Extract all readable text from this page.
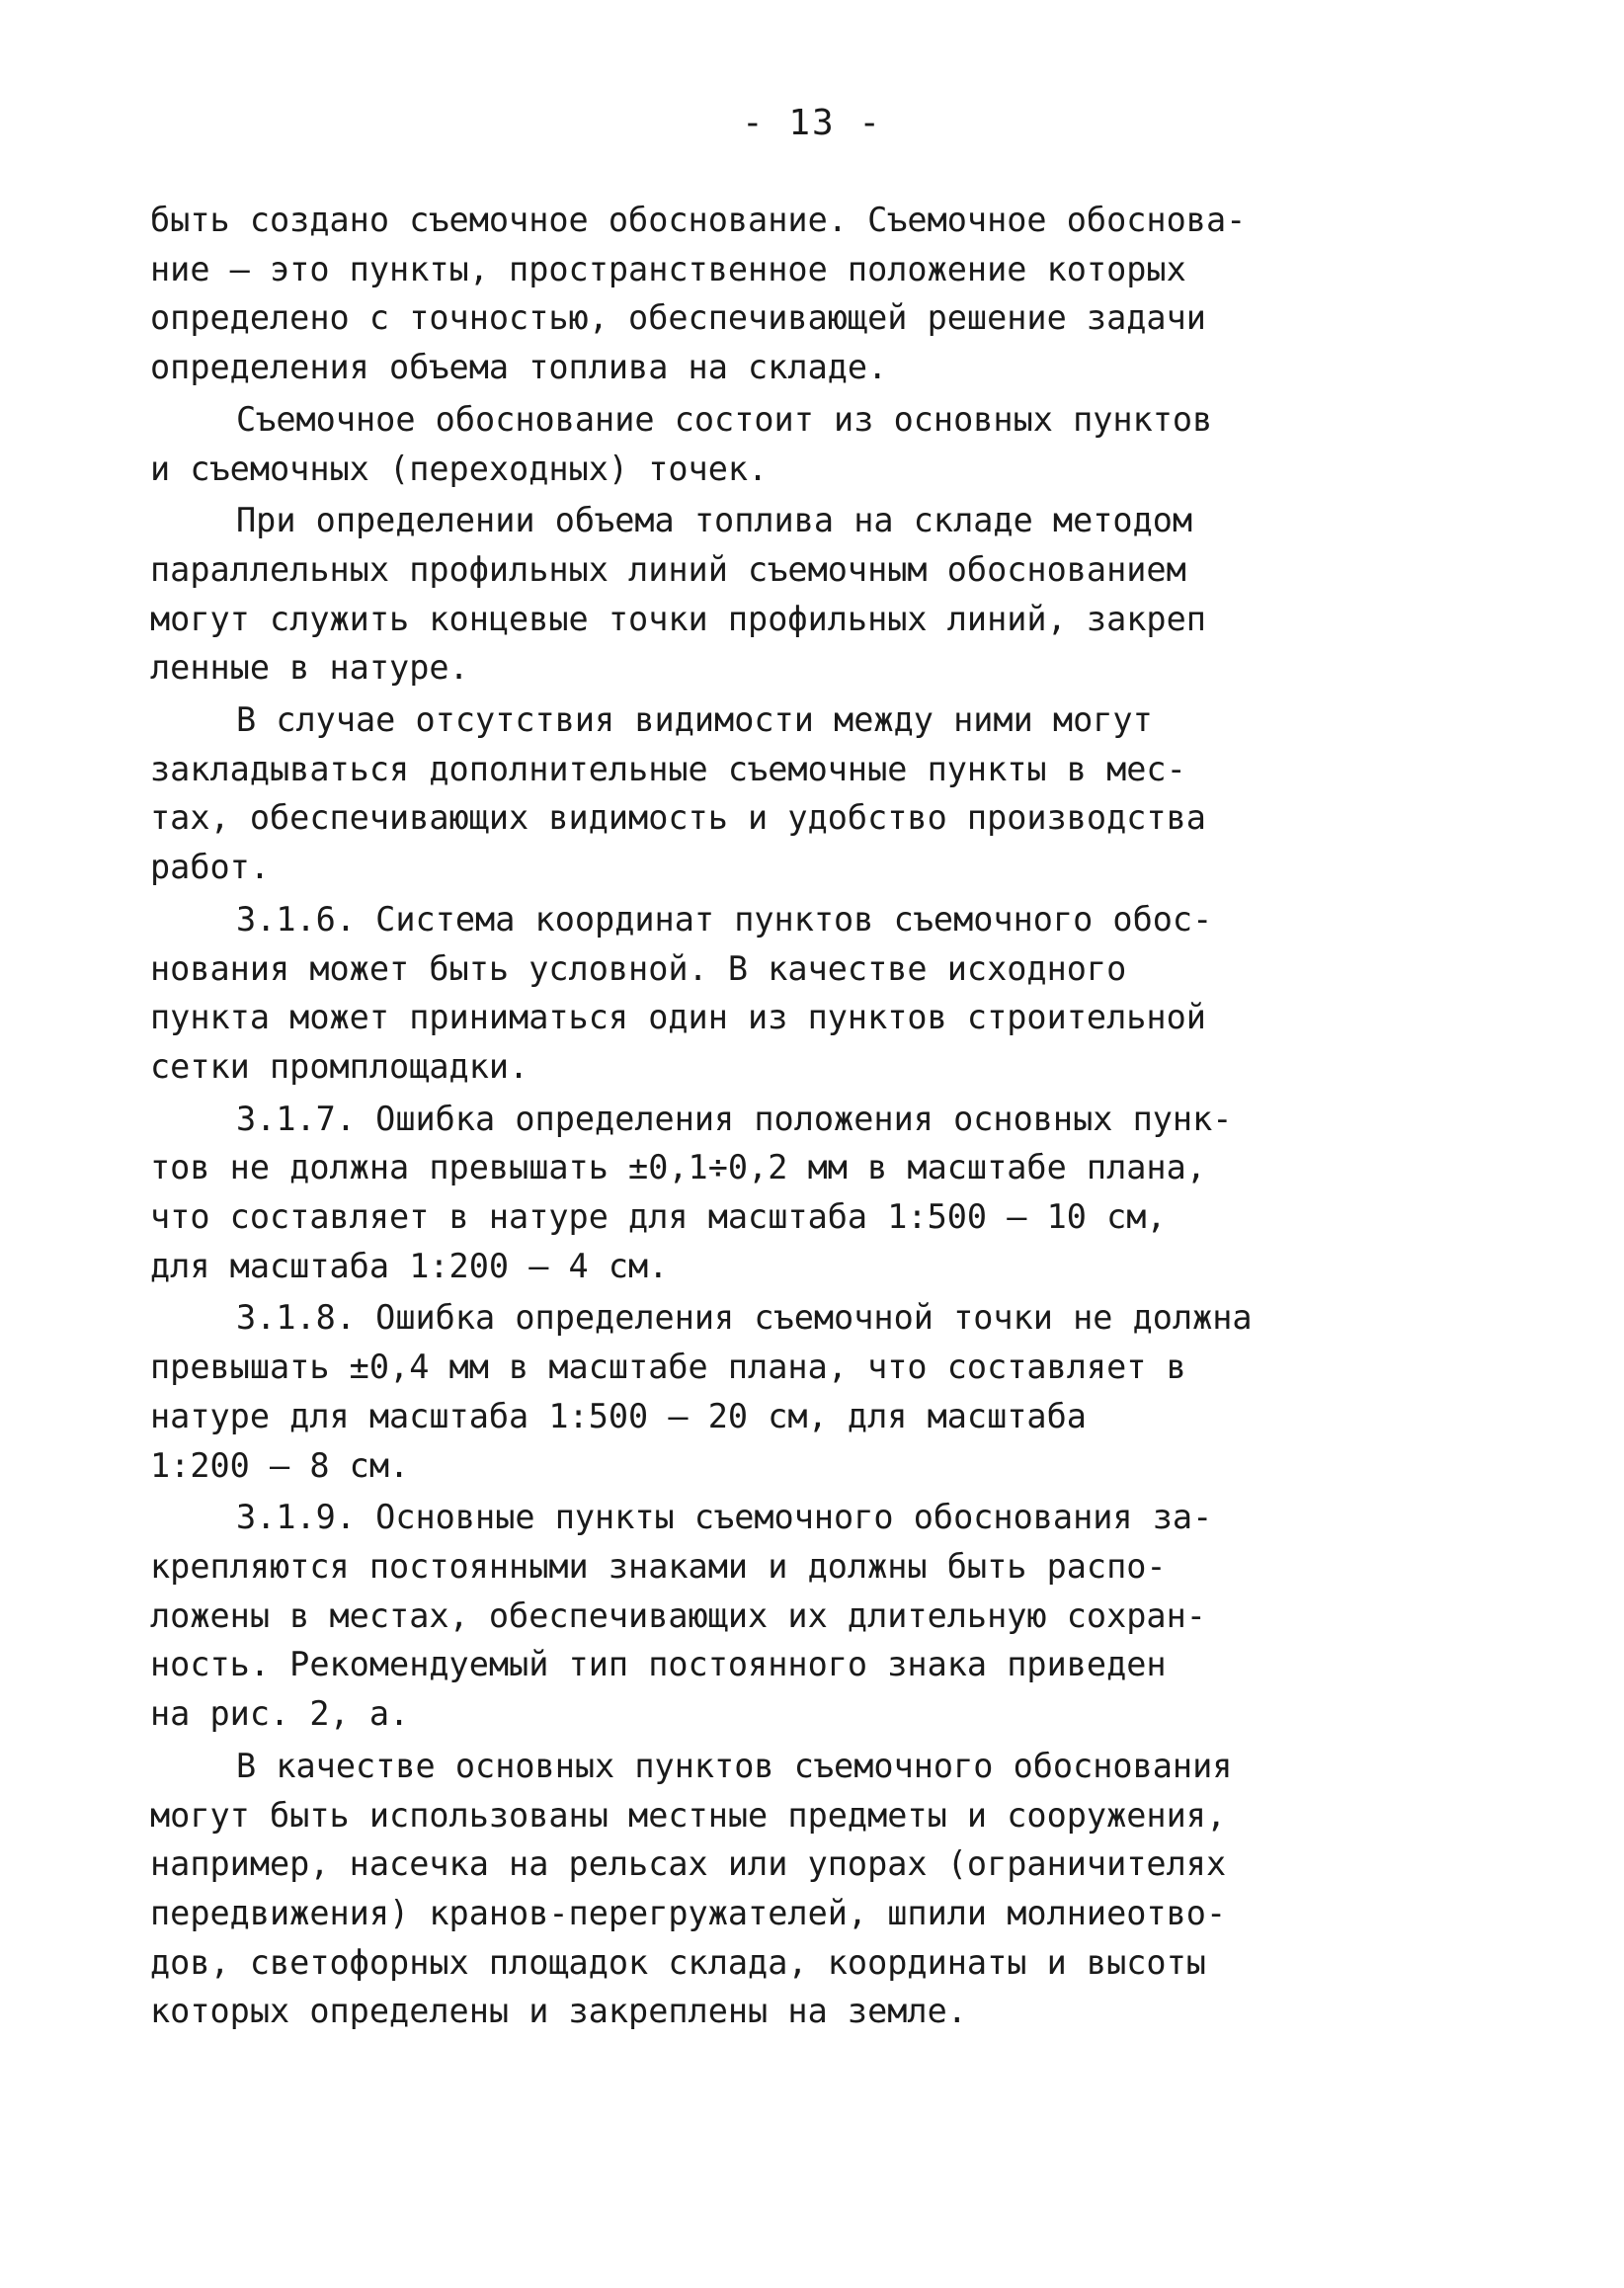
- 13 -
быть создано съемочное обоснование. Съемочное обоснова-
ние — это пункты, пространственное положение которых
определено с точностью, обеспечивающей решение задачи
определения объема топлива на складе.
Съемочное обоснование состоит из основных пунктов
и съемочных (переходных) точек.
При определении объема топлива на складе методом
параллельных профильных линий съемочным обоснованием
могут служить концевые точки профильных линий, закреп
ленные в натуре.
В случае отсутствия видимости между ними могут
закладываться дополнительные съемочные пункты в мес-
тах, обеспечивающих видимость и удобство производства
работ.
3.1.6. Система координат пунктов съемочного обос-
нования может быть условной. В качестве исходного
пункта может приниматься один из пунктов строительной
сетки промплощадки.
3.1.7. Ошибка определения положения основных пунк-
тов не должна превышать ±0,1÷0,2 мм в масштабе плана,
что составляет в натуре для масштаба 1:500 — 10 см,
для масштаба 1:200 — 4 см.
3.1.8. Ошибка определения съемочной точки не должна
превышать ±0,4 мм в масштабе плана, что составляет в
натуре для масштаба 1:500 — 20 см, для масштаба
1:200 — 8 см.
3.1.9. Основные пункты съемочного обоснования за-
крепляются постоянными знаками и должны быть распо-
ложены в местах, обеспечивающих их длительную сохран-
ность. Рекомендуемый тип постоянного знака приведен
на рис. 2, а.
В качестве основных пунктов съемочного обоснования
могут быть использованы местные предметы и сооружения,
например, насечка на рельсах или упорах (ограничителях
передвижения) кранов-перегружателей, шпили молниеотво-
дов, светофорных площадок склада, координаты и высоты
которых определены и закреплены на земле.
